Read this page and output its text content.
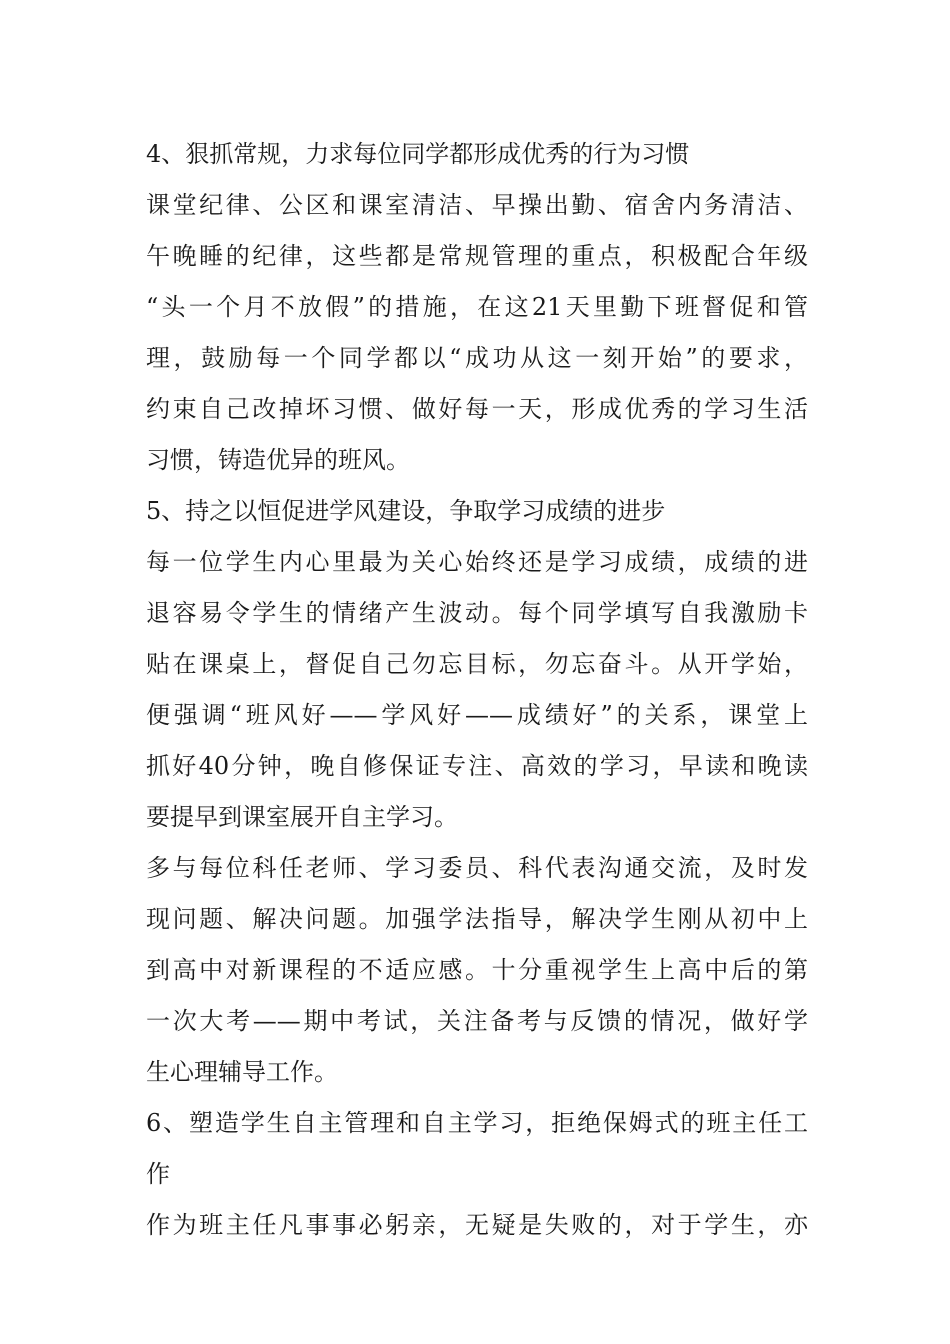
4、狠抓常规，力求每位同学都形成优秀的行为习惯
课堂纪律、公区和课室清洁、早操出勤、宿舍内务清洁、
午晚睡的纪律，这些都是常规管理的重点，积极配合年级
“头一个月不放假”的措施，在这21天里勤下班督促和管
理，鼓励每一个同学都以“成功从这一刻开始”的要求，
约束自己改掉坏习惯、做好每一天，形成优秀的学习生活
习惯，铸造优异的班风。
5、持之以恒促进学风建设，争取学习成绩的进步
每一位学生内心里最为关心始终还是学习成绩，成绩的进
退容易令学生的情绪产生波动。每个同学填写自我激励卡
贴在课桌上，督促自己勿忘目标，勿忘奋斗。从开学始，
便强调“班风好——学风好——成绩好”的关系，课堂上
抓好40分钟，晚自修保证专注、高效的学习，早读和晚读
要提早到课室展开自主学习。
多与每位科任老师、学习委员、科代表沟通交流，及时发
现问题、解决问题。加强学法指导，解决学生刚从初中上
到高中对新课程的不适应感。十分重视学生上高中后的第
一次大考——期中考试，关注备考与反馈的情况，做好学
生心理辅导工作。
6、塑造学生自主管理和自主学习，拒绝保姆式的班主任工
作
作为班主任凡事事必躬亲，无疑是失败的，对于学生，亦
